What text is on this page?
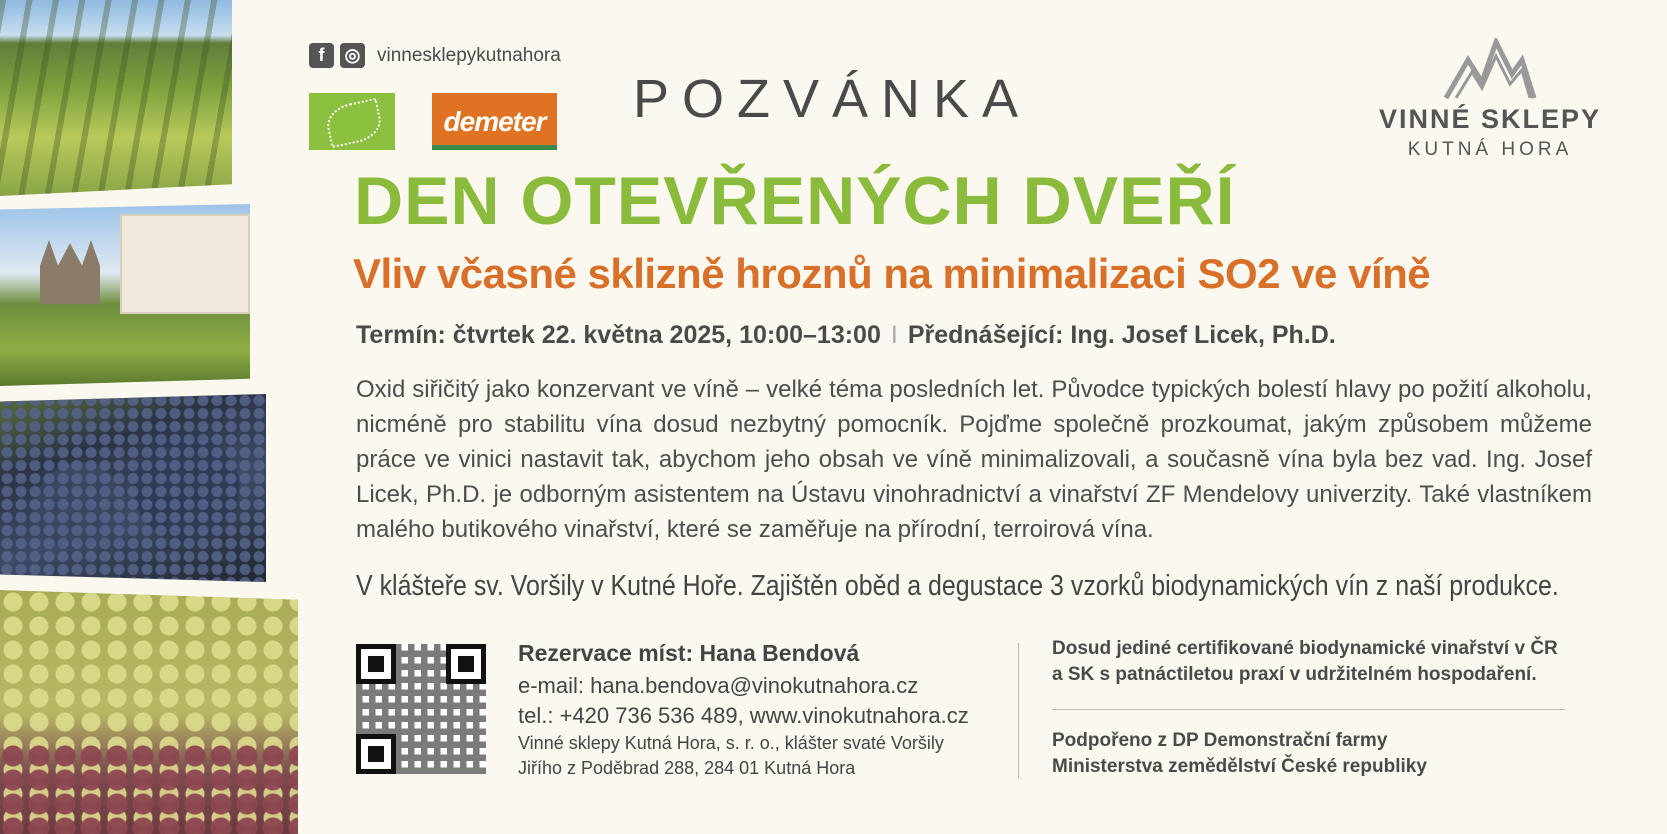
f	◎ vinnesklepykutnahora
demeter POZVÁNKA	VINNÉ SKLEPY
KUTNÁ HORA
DEN OTEVŘENÝCH DVEŘÍ
Vliv včasné sklizně hroznů na minimalizaci SO2 ve víně
Termín: čtvrtek 22. května 2025, 10:00–13:00 I Přednášející: Ing. Josef Licek, Ph.D.
Oxid siřičitý jako konzervant ve víně – velké téma posledních let. Původce typických bolestí hlavy po požití alkoholu, nicméně pro stabilitu vína dosud nezbytný pomocník. Pojďme společně prozkoumat, jakým způsobem můžeme práce ve vinici nastavit tak, abychom jeho obsah ve víně minimalizovali, a současně vína byla bez vad. Ing. Josef Licek, Ph.D. je odborným asistentem na Ústavu vinohradnictví a vinařství ZF Mendelovy univerzity. Také vlastníkem malého butikového vinařství, které se zaměřuje na přírodní, terroirová vína.
V klášteře sv. Voršily v Kutné Hoře. Zajištěn oběd a degustace 3 vzorků biodynamických vín z naší produkce.
Rezervace míst: Hana Bendová
e-mail: hana.bendova@vinokutnahora.cz
tel.: +420 736 536 489, www.vinokutnahora.cz
Vinné sklepy Kutná Hora, s. r. o., klášter svaté Voršily
Jiřího z Poděbrad 288, 284 01 Kutná Hora
Dosud jediné certifikované biodynamické vinařství v ČR
a SK s patnáctiletou praxí v udržitelném hospodaření.
Podpořeno z DP Demonstrační farmy
Ministerstva zemědělství České republiky
